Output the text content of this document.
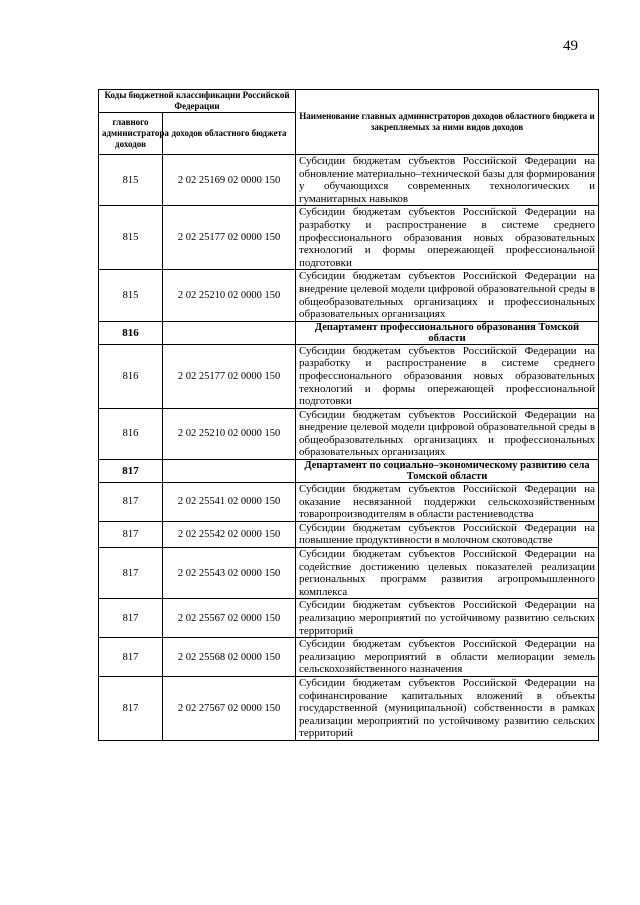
49
Коды бюджетной классификации Российской Федерации		Наименование главных администраторов доходов областного бюджета и закрепляемых за ними видов доходов
главного администратора доходов	доходов областного бюджета	
815	2 02 25169 02 0000 150	Субсидии бюджетам субъектов Российской Федерации на обновление материально–технической базы для формирования у обучающихся современных технологических и гуманитарных навыков
815	2 02 25177 02 0000 150	Субсидии бюджетам субъектов Российской Федерации на разработку и распространение в системе среднего профессионального образования новых образовательных технологий и формы опережающей профессиональной подготовки
815	2 02 25210 02 0000 150	Субсидии бюджетам субъектов Российской Федерации на внедрение целевой модели цифровой образовательной среды в общеобразовательных организациях и профессиональных образовательных организациях
816		Департамент профессионального образования Томской области
816	2 02 25177 02 0000 150	Субсидии бюджетам субъектов Российской Федерации на разработку и распространение в системе среднего профессионального образования новых образовательных технологий и формы опережающей профессиональной подготовки
816	2 02 25210 02 0000 150	Субсидии бюджетам субъектов Российской Федерации на внедрение целевой модели цифровой образовательной среды в общеобразовательных организациях и профессиональных образовательных организациях
817		Департамент по социально–экономическому развитию села Томской области
817	2 02 25541 02 0000 150	Субсидии бюджетам субъектов Российской Федерации на оказание несвязанной поддержки сельскохозяйственным товаропроизводителям в области растениеводства
817	2 02 25542 02 0000 150	Субсидии бюджетам субъектов Российской Федерации на повышение продуктивности в молочном скотоводстве
817	2 02 25543 02 0000 150	Субсидии бюджетам субъектов Российской Федерации на содействие достижению целевых показателей реализации региональных программ развития агропромышленного комплекса
817	2 02 25567 02 0000 150	Субсидии бюджетам субъектов Российской Федерации на реализацию мероприятий по устойчивому развитию сельских территорий
817	2 02 25568 02 0000 150	Субсидии бюджетам субъектов Российской Федерации на реализацию мероприятий в области мелиорации земель сельскохозяйственного назначения
817	2 02 27567 02 0000 150	Субсидии бюджетам субъектов Российской Федерации на софинансирование капитальных вложений в объекты государственной (муниципальной) собственности в рамках реализации мероприятий по устойчивому развитию сельских территорий
